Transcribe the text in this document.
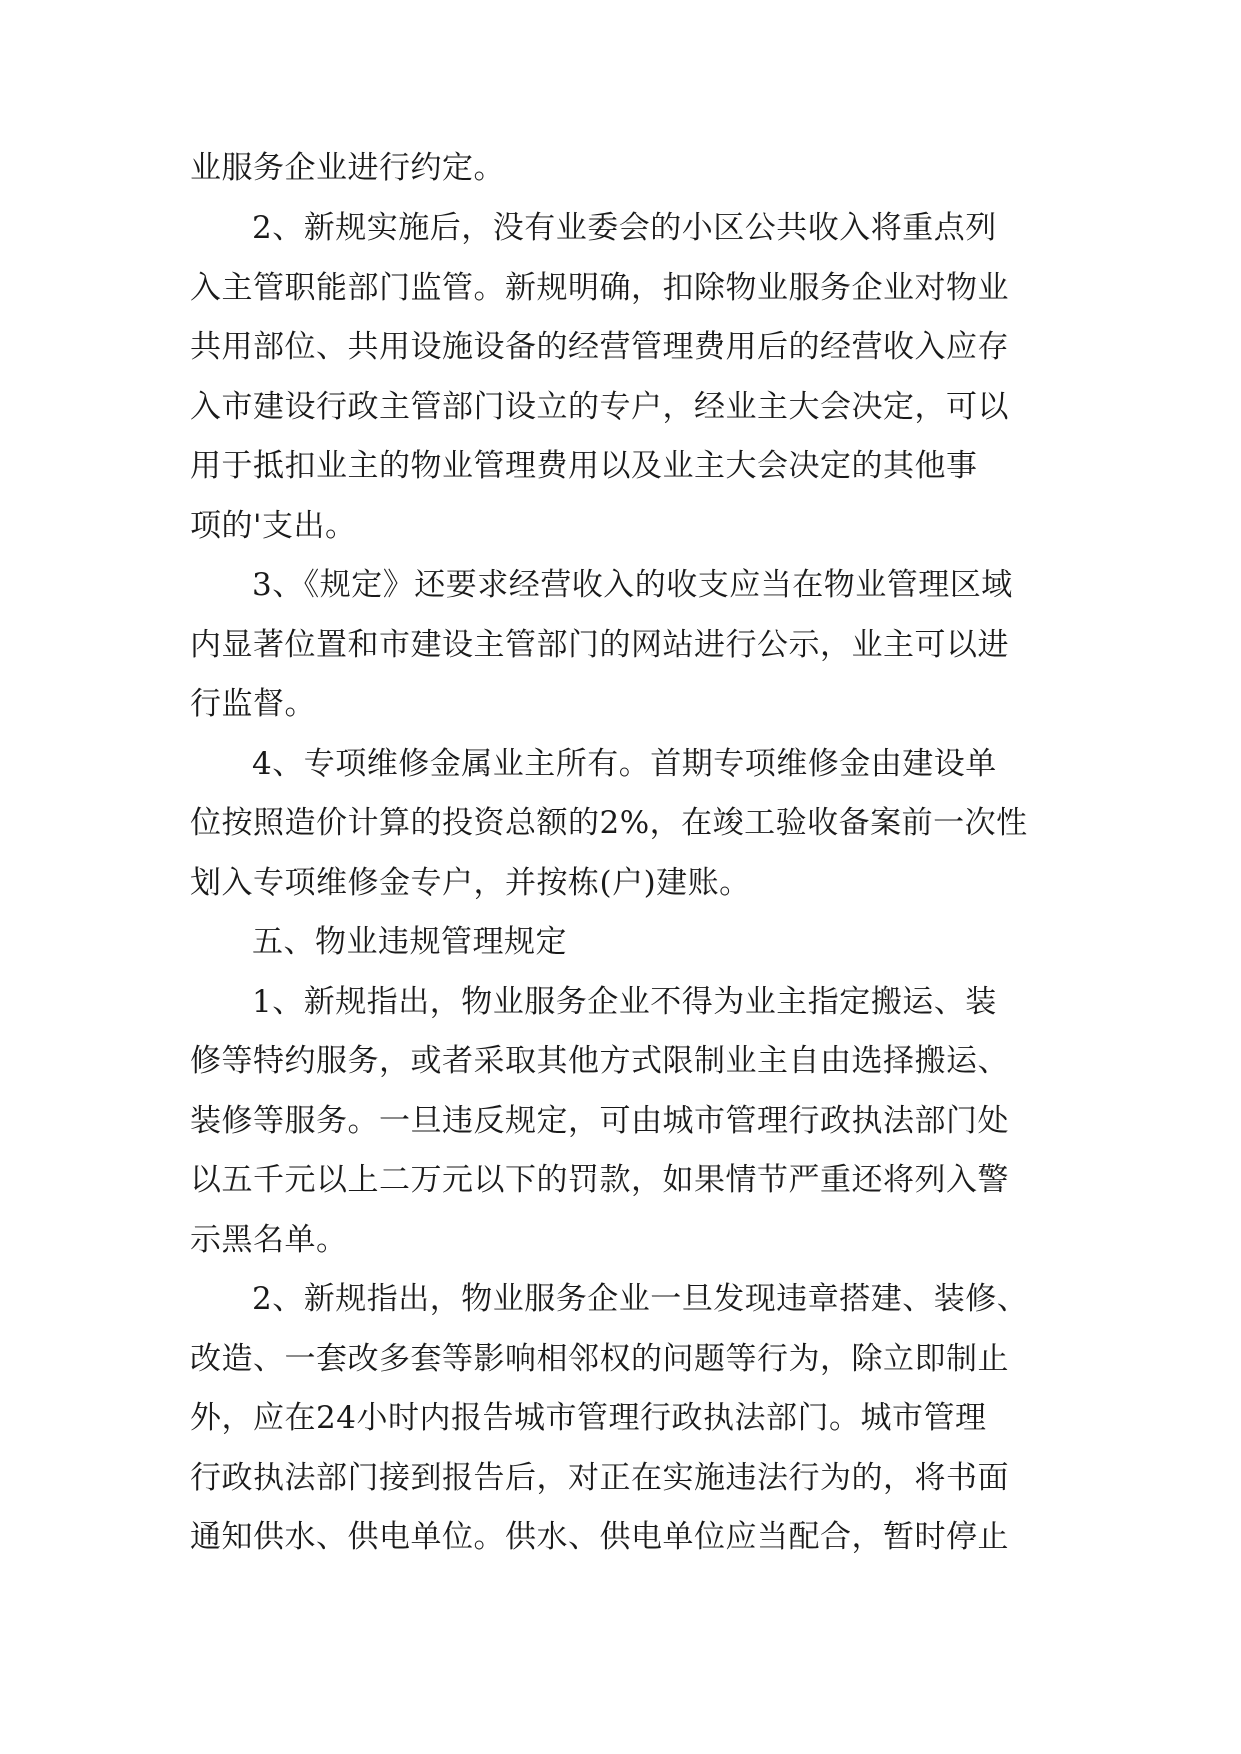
业服务企业进行约定。
2、新规实施后，没有业委会的小区公共收入将重点列
入主管职能部门监管。新规明确，扣除物业服务企业对物业
共用部位、共用设施设备的经营管理费用后的经营收入应存
入市建设行政主管部门设立的专户，经业主大会决定，可以
用于抵扣业主的物业管理费用以及业主大会决定的其他事
项的'支出。
3、《规定》还要求经营收入的收支应当在物业管理区域
内显著位置和市建设主管部门的网站进行公示，业主可以进
行监督。
4、专项维修金属业主所有。首期专项维修金由建设单
位按照造价计算的投资总额的2%，在竣工验收备案前一次性
划入专项维修金专户，并按栋(户)建账。
五、物业违规管理规定
1、新规指出，物业服务企业不得为业主指定搬运、装
修等特约服务，或者采取其他方式限制业主自由选择搬运、
装修等服务。一旦违反规定，可由城市管理行政执法部门处
以五千元以上二万元以下的罚款，如果情节严重还将列入警
示黑名单。
2、新规指出，物业服务企业一旦发现违章搭建、装修、
改造、一套改多套等影响相邻权的问题等行为，除立即制止
外，应在24小时内报告城市管理行政执法部门。城市管理
行政执法部门接到报告后，对正在实施违法行为的，将书面
通知供水、供电单位。供水、供电单位应当配合，暂时停止
